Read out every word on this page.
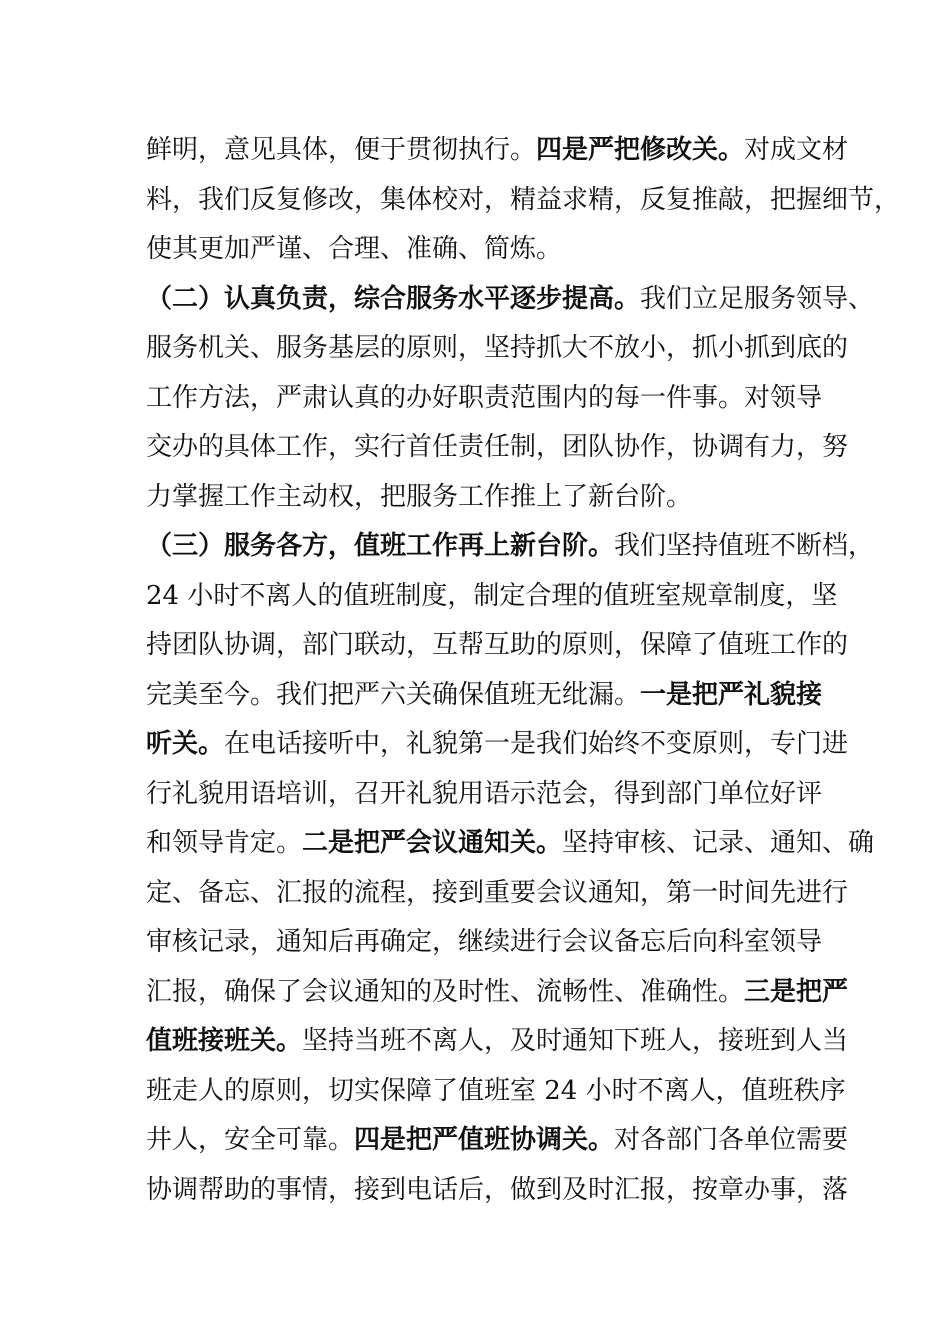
鲜明，意见具体，便于贯彻执行。四是严把修改关。对成文材
料，我们反复修改，集体校对，精益求精，反复推敲，把握细节，
使其更加严谨、合理、准确、简炼。
（二）认真负责，综合服务水平逐步提高。我们立足服务领导、
服务机关、服务基层的原则，坚持抓大不放小，抓小抓到底的
工作方法，严肃认真的办好职责范围内的每一件事。对领导
交办的具体工作，实行首任责任制，团队协作，协调有力，努
力掌握工作主动权，把服务工作推上了新台阶。
（三）服务各方，值班工作再上新台阶。我们坚持值班不断档，
24 小时不离人的值班制度，制定合理的值班室规章制度，坚
持团队协调，部门联动，互帮互助的原则，保障了值班工作的
完美至今。我们把严六关确保值班无纰漏。一是把严礼貌接
听关。在电话接听中，礼貌第一是我们始终不变原则，专门进
行礼貌用语培训，召开礼貌用语示范会，得到部门单位好评
和领导肯定。二是把严会议通知关。坚持审核、记录、通知、确
定、备忘、汇报的流程，接到重要会议通知，第一时间先进行
审核记录，通知后再确定，继续进行会议备忘后向科室领导
汇报，确保了会议通知的及时性、流畅性、准确性。三是把严
值班接班关。坚持当班不离人，及时通知下班人，接班到人当
班走人的原则，切实保障了值班室 24 小时不离人，值班秩序
井人，安全可靠。四是把严值班协调关。对各部门各单位需要
协调帮助的事情，接到电话后，做到及时汇报，按章办事，落
